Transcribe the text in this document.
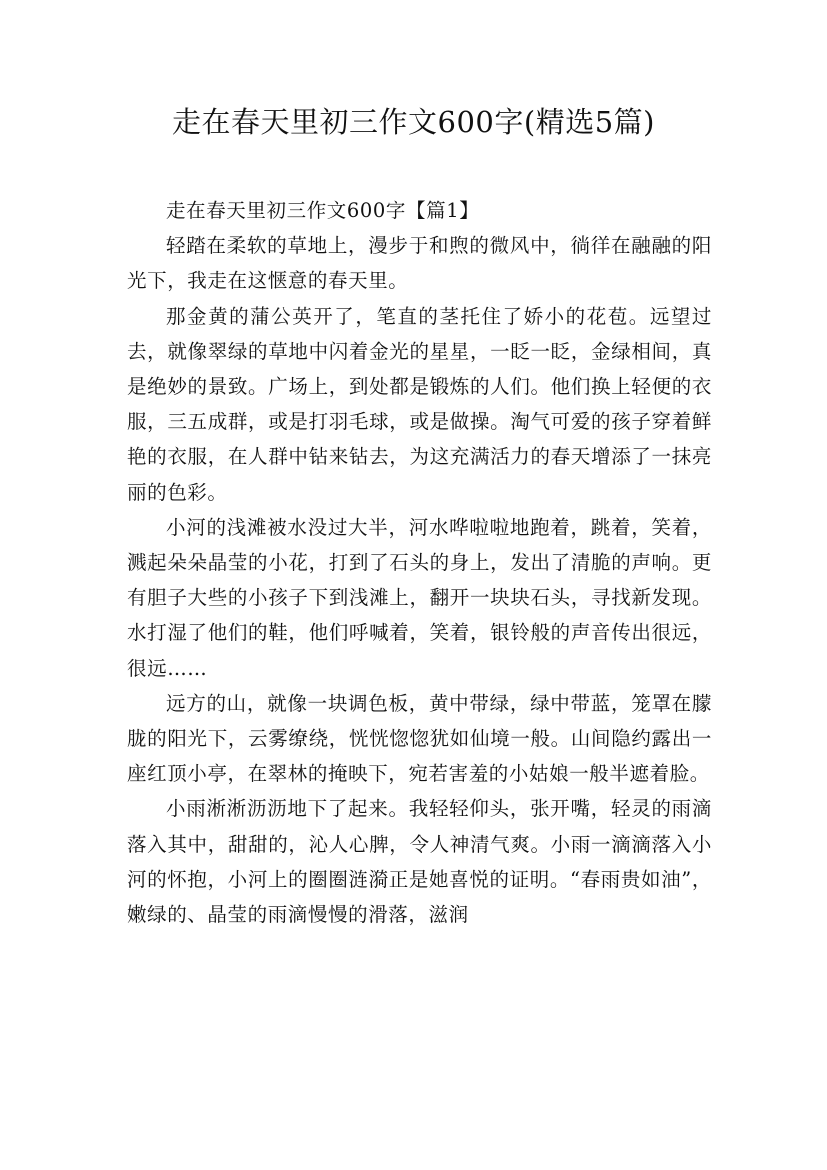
走在春天里初三作文600字(精选5篇)

走在春天里初三作文600字【篇1】

轻踏在柔软的草地上，漫步于和煦的微风中，徜徉在融融的阳光下，我走在这惬意的春天里。

那金黄的蒲公英开了，笔直的茎托住了娇小的花苞。远望过去，就像翠绿的草地中闪着金光的星星，一眨一眨，金绿相间，真是绝妙的景致。广场上，到处都是锻炼的人们。他们换上轻便的衣服，三五成群，或是打羽毛球，或是做操。淘气可爱的孩子穿着鲜艳的衣服，在人群中钻来钻去，为这充满活力的春天增添了一抹亮丽的色彩。

小河的浅滩被水没过大半，河水哗啦啦地跑着，跳着，笑着，溅起朵朵晶莹的小花，打到了石头的身上，发出了清脆的声响。更有胆子大些的小孩子下到浅滩上，翻开一块块石头，寻找新发现。水打湿了他们的鞋，他们呼喊着，笑着，银铃般的声音传出很远，很远……

远方的山，就像一块调色板，黄中带绿，绿中带蓝，笼罩在朦胧的阳光下，云雾缭绕，恍恍惚惚犹如仙境一般。山间隐约露出一座红顶小亭，在翠林的掩映下，宛若害羞的小姑娘一般半遮着脸。

小雨淅淅沥沥地下了起来。我轻轻仰头，张开嘴，轻灵的雨滴落入其中，甜甜的，沁人心脾，令人神清气爽。小雨一滴滴落入小河的怀抱，小河上的圈圈涟漪正是她喜悦的证明。“春雨贵如油”，嫩绿的、晶莹的雨滴慢慢的滑落，滋润
